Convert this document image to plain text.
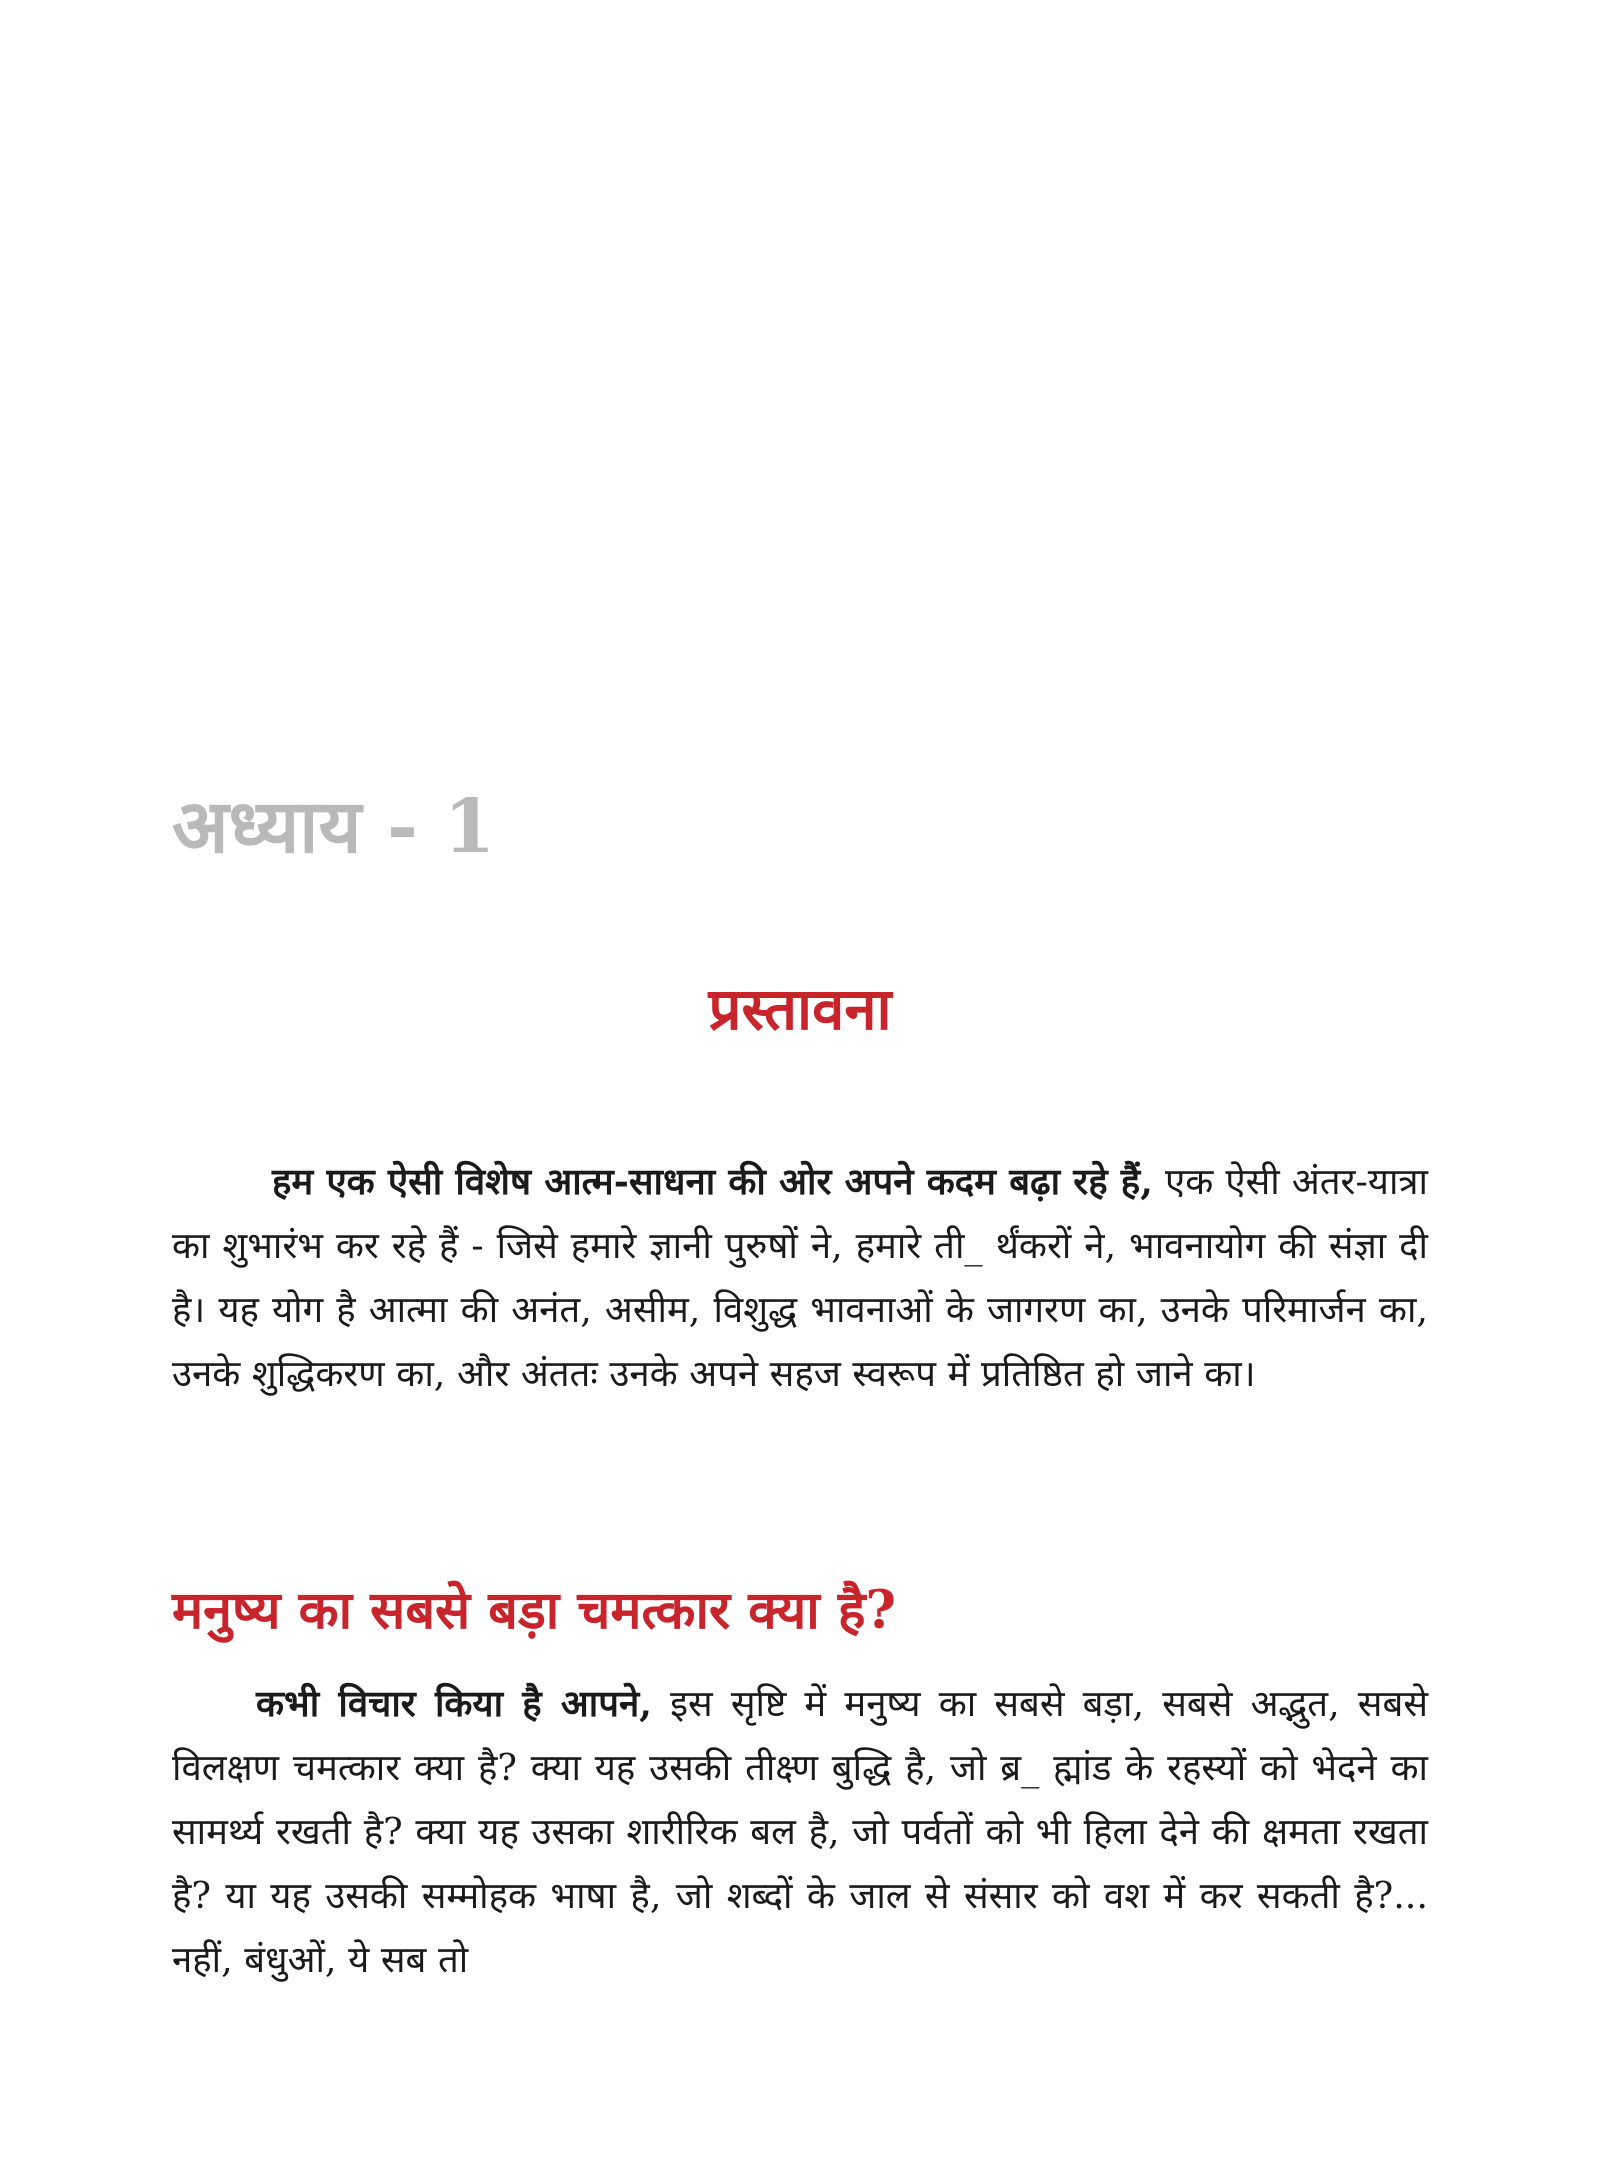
अध्याय - 1
प्रस्तावना

हम एक ऐसी विशेष आत्म-साधना की ओर अपने कदम बढ़ा रहे हैं, एक ऐसी अंतर-यात्रा का शुभारंभ कर रहे हैं - जिसे हमारे ज्ञानी पुरुषों ने, हमारे ती_ र्थंकरों ने, भावनायोग की संज्ञा दी है। यह योग है आत्मा की अनंत, असीम, विशुद्ध भावनाओं के जागरण का, उनके परिमार्जन का, उनके शुद्धिकरण का, और अंततः उनके अपने सहज स्वरूप में प्रतिष्ठित हो जाने का।

मनुष्य का सबसे बड़ा चमत्कार क्या है?

कभी विचार किया है आपने, इस सृष्टि में मनुष्य का सबसे बड़ा, सबसे अद्भुत, सबसे विलक्षण चमत्कार क्या है? क्या यह उसकी तीक्ष्ण बुद्धि है, जो ब्र_ ह्मांड के रहस्यों को भेदने का सामर्थ्य रखती है? क्या यह उसका शारीरिक बल है, जो पर्वतों को भी हिला देने की क्षमता रखता है? या यह उसकी सम्मोहक भाषा है, जो शब्दों के जाल से संसार को वश में कर सकती है?... नहीं, बंधुओं, ये सब तो
